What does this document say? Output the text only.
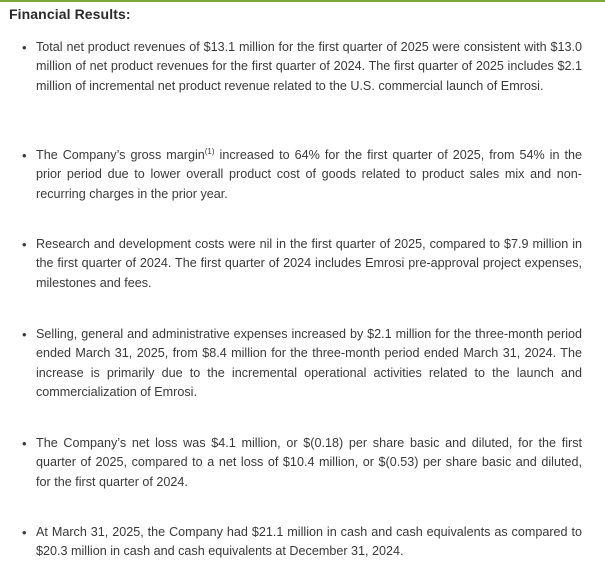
Financial Results:
• Total net product revenues of $13.1 million for the first quarter of 2025 were consistent with $13.0 million of net product revenues for the first quarter of 2024. The first quarter of 2025 includes $2.1 million of incremental net product revenue related to the U.S. commercial launch of Emrosi.
• The Company’s gross margin$^{(1)}$ increased to 64% for the first quarter of 2025, from 54% in the prior period due to lower overall product cost of goods related to product sales mix and non-recurring charges in the prior year.
• Research and development costs were nil in the first quarter of 2025, compared to $7.9 million in the first quarter of 2024. The first quarter of 2024 includes Emrosi pre-approval project expenses, milestones and fees.
• Selling, general and administrative expenses increased by $2.1 million for the three-month period ended March 31, 2025, from $8.4 million for the three-month period ended March 31, 2024. The increase is primarily due to the incremental operational activities related to the launch and commercialization of Emrosi.
• The Company’s net loss was $4.1 million, or $(0.18) per share basic and diluted, for the first quarter of 2025, compared to a net loss of $10.4 million, or $(0.53) per share basic and diluted, for the first quarter of 2024.
• At March 31, 2025, the Company had $21.1 million in cash and cash equivalents as compared to $20.3 million in cash and cash equivalents at December 31, 2024.
